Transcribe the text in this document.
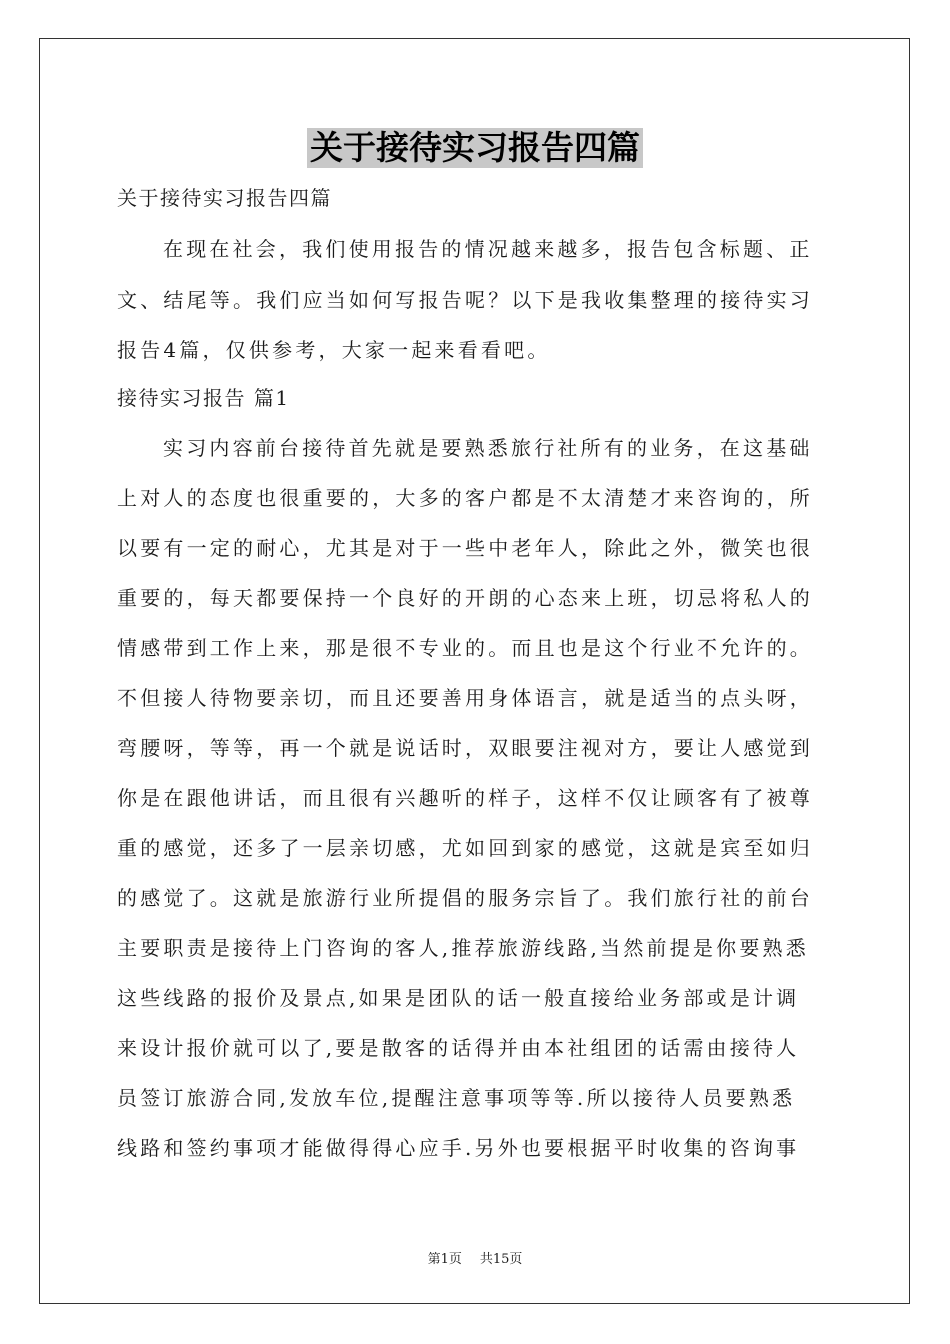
关于接待实习报告四篇
关于接待实习报告四篇
在现在社会，我们使用报告的情况越来越多，报告包含标题、正
文、结尾等。我们应当如何写报告呢？以下是我收集整理的接待实习
报告4篇，仅供参考，大家一起来看看吧。
接待实习报告 篇1
实习内容前台接待首先就是要熟悉旅行社所有的业务，在这基础
上对人的态度也很重要的，大多的客户都是不太清楚才来咨询的，所
以要有一定的耐心，尤其是对于一些中老年人，除此之外，微笑也很
重要的，每天都要保持一个良好的开朗的心态来上班，切忌将私人的
情感带到工作上来，那是很不专业的。而且也是这个行业不允许的。
不但接人待物要亲切，而且还要善用身体语言，就是适当的点头呀，
弯腰呀，等等，再一个就是说话时，双眼要注视对方，要让人感觉到
你是在跟他讲话，而且很有兴趣听的样子，这样不仅让顾客有了被尊
重的感觉，还多了一层亲切感，尤如回到家的感觉，这就是宾至如归
的感觉了。这就是旅游行业所提倡的服务宗旨了。我们旅行社的前台
主要职责是接待上门咨询的客人,推荐旅游线路,当然前提是你要熟悉
这些线路的报价及景点,如果是团队的话一般直接给业务部或是计调
来设计报价就可以了,要是散客的话得并由本社组团的话需由接待人
员签订旅游合同,发放车位,提醒注意事项等等.所以接待人员要熟悉
线路和签约事项才能做得得心应手.另外也要根据平时收集的咨询事
第1页 共15页
